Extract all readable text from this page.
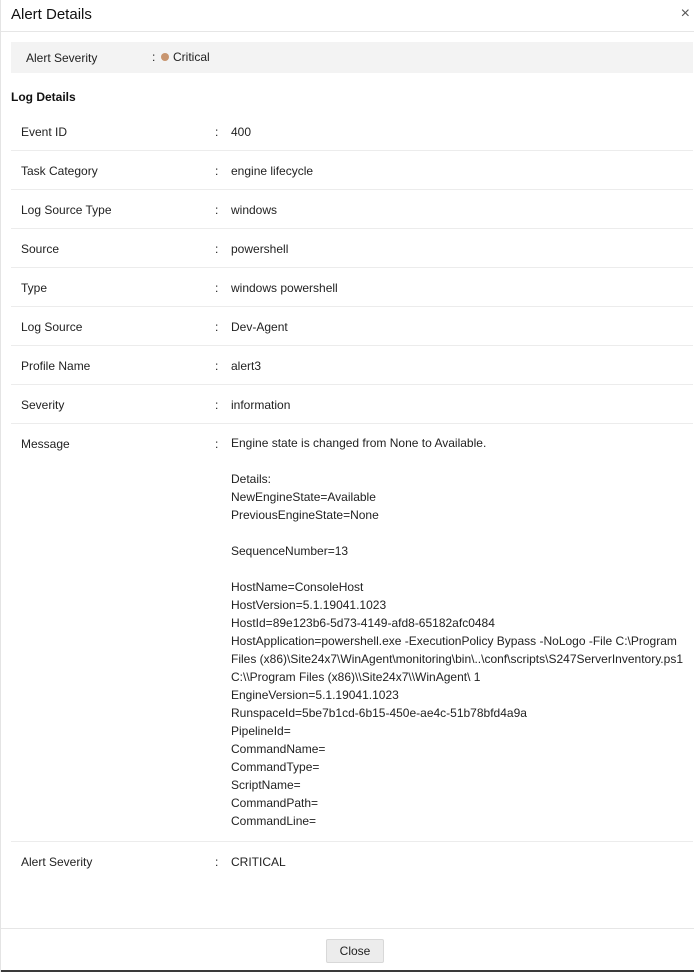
Alert Details	×
Alert Severity	: Critical
Log Details
Event ID	: 400
Task Category	: engine lifecycle
Log Source Type	: windows
Source	: powershell
Type	: windows powershell
Log Source	: Dev-Agent
Profile Name	: alert3
Severity	: information
Message	: Engine state is changed from None to Available.
Details:
NewEngineState=Available
PreviousEngineState=None
SequenceNumber=13
HostName=ConsoleHost
HostVersion=5.1.19041.1023
HostId=89e123b6-5d73-4149-afd8-65182afc0484
HostApplication=powershell.exe -ExecutionPolicy Bypass -NoLogo -File C:\Program Files (x86)\Site24x7\WinAgent\monitoring\bin\..\conf\scripts\S247ServerInventory.ps1 C:\\Program Files (x86)\\Site24x7\\WinAgent\ 1
EngineVersion=5.1.19041.1023
RunspaceId=5be7b1cd-6b15-450e-ae4c-51b78bfd4a9a
PipelineId=
CommandName=
CommandType=
ScriptName=
CommandPath=
CommandLine=
Alert Severity	: CRITICAL
Close
